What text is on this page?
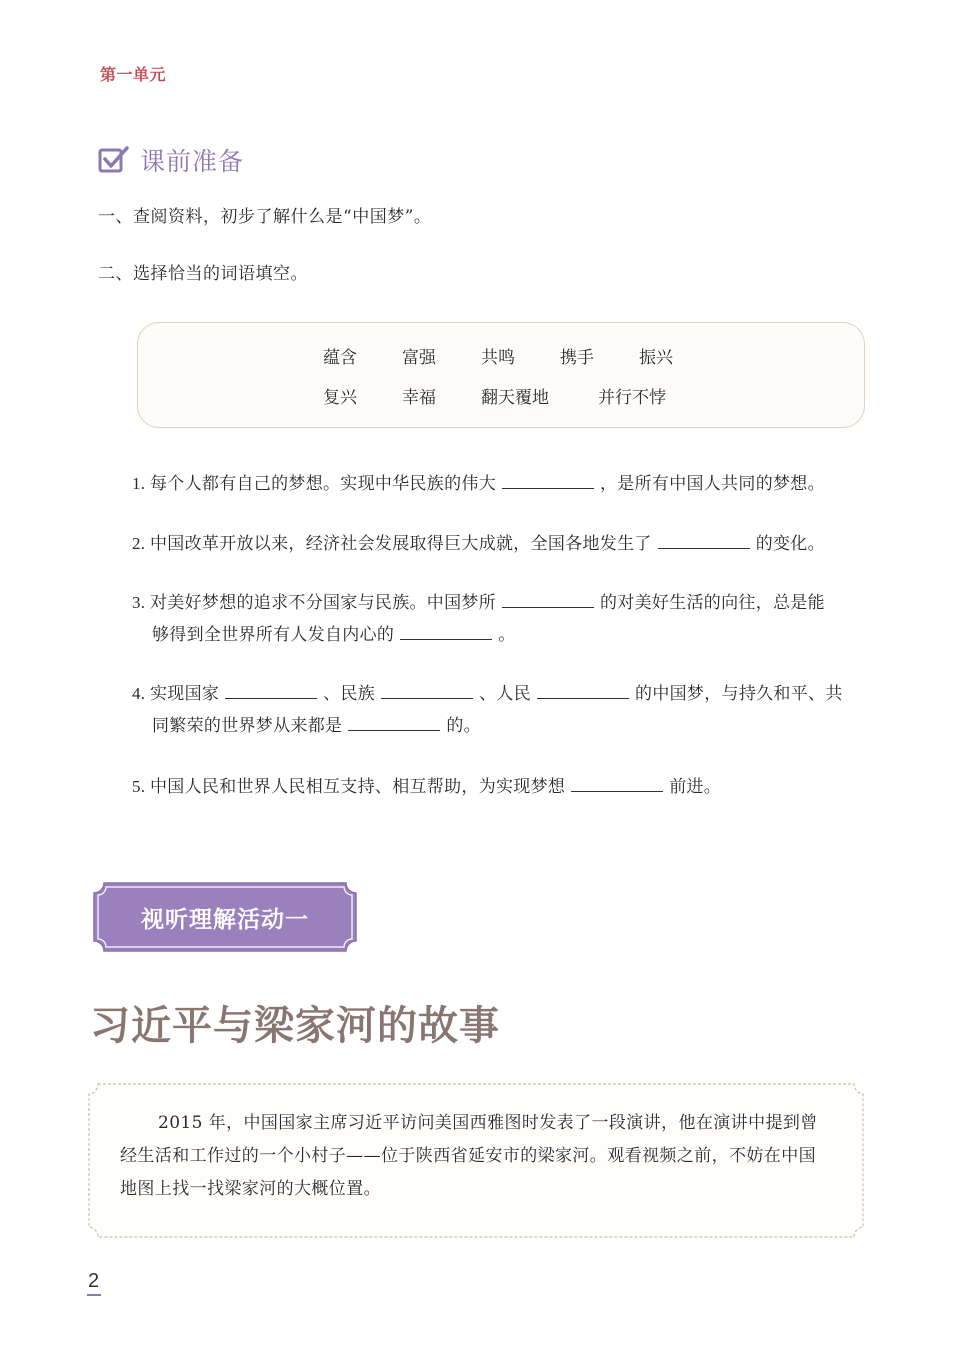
第一单元
课前准备
一、查阅资料，初步了解什么是“中国梦”。
二、选择恰当的词语填空。
蕴含	富强	共鸣	携手	振兴
复兴	幸福	翻天覆地	并行不悖
1. 每个人都有自己的梦想。实现中华民族的伟大	，是所有中国人共同的梦想。
2. 中国改革开放以来，经济社会发展取得巨大成就，全国各地发生了	的变化。
3. 对美好梦想的追求不分国家与民族。中国梦所	的对美好生活的向往，总是能
够得到全世界所有人发自内心的	。
4. 实现国家	、民族	、人民	的中国梦，与持久和平、共
同繁荣的世界梦从来都是	的。
5. 中国人民和世界人民相互支持、相互帮助，为实现梦想	前进。
视听理解活动一
习近平与梁家河的故事
2015 年，中国国家主席习近平访问美国西雅图时发表了一段演讲，他在演讲中提到曾经生活和工作过的一个小村子——位于陕西省延安市的梁家河。观看视频之前，不妨在中国地图上找一找梁家河的大概位置。
2
